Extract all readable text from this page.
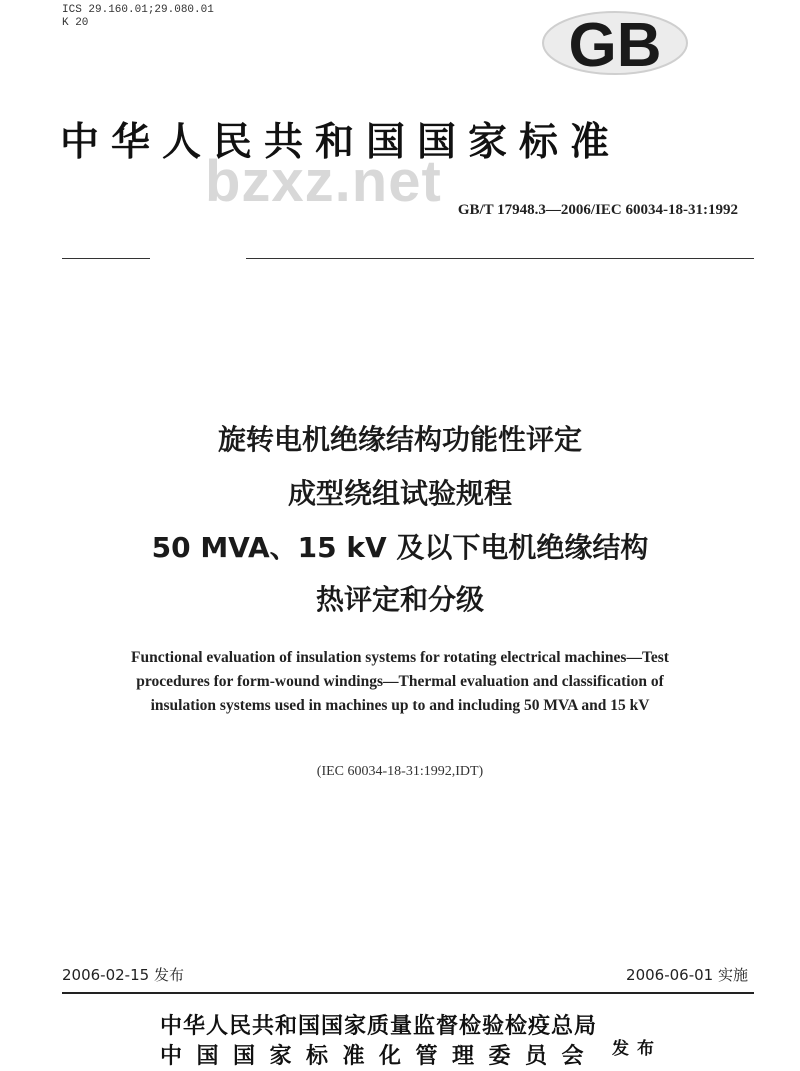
ICS 29.160.01;29.080.01
K 20	GB
中华人民共和国国家标准
bzxz.net GB/T 17948.3—2006/IEC 60034-18-31:1992
旋转电机绝缘结构功能性评定
成型绕组试验规程
50 MVA、15 kV 及以下电机绝缘结构
热评定和分级
Functional evaluation of insulation systems for rotating electrical machines—Test
procedures for form-wound windings—Thermal evaluation and classification of
insulation systems used in machines up to and including 50 MVA and 15 kV
(IEC 60034-18-31:1992,IDT)
2006-02-15 发布	2006-06-01 实施
中华人民共和国国家质量监督检验检疫总局
中国国家标准化管理委员会 发布
